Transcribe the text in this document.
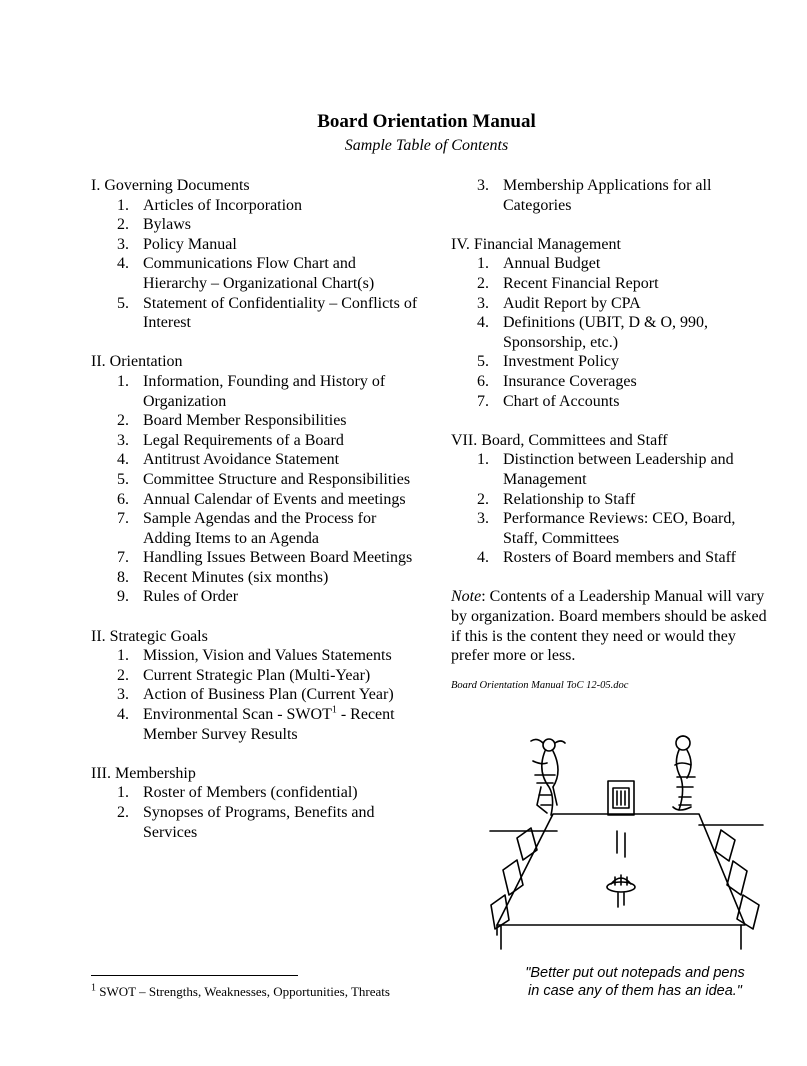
Board Orientation Manual
Sample Table of Contents
I. Governing Documents
1. Articles of Incorporation
2. Bylaws
3. Policy Manual
4. Communications Flow Chart and Hierarchy – Organizational Chart(s)
5. Statement of Confidentiality – Conflicts of Interest
II. Orientation
1. Information, Founding and History of Organization
2. Board Member Responsibilities
3. Legal Requirements of a Board
4. Antitrust Avoidance Statement
5. Committee Structure and Responsibilities
6. Annual Calendar of Events and meetings
7. Sample Agendas and the Process for Adding Items to an Agenda
7. Handling Issues Between Board Meetings
8. Recent Minutes (six months)
9. Rules of Order
II. Strategic Goals
1. Mission, Vision and Values Statements
2. Current Strategic Plan (Multi-Year)
3. Action of Business Plan (Current Year)
4. Environmental Scan - SWOT$^1$ - Recent Member Survey Results
III. Membership
1. Roster of Members (confidential)
2. Synopses of Programs, Benefits and Services
3. Membership Applications for all Categories
IV. Financial Management
1. Annual Budget
2. Recent Financial Report
3. Audit Report by CPA
4. Definitions (UBIT, D & O, 990, Sponsorship, etc.)
5. Investment Policy
6. Insurance Coverages
7. Chart of Accounts
VII. Board, Committees and Staff
1. Distinction between Leadership and Management
2. Relationship to Staff
3. Performance Reviews: CEO, Board, Staff, Committees
4. Rosters of Board members and Staff
Note: Contents of a Leadership Manual will vary by organization. Board members should be asked if this is the content they need or would they prefer more or less.
Board Orientation Manual ToC 12-05.doc
"Better put out notepads and pens
in case any of them has an idea."
$^1$ SWOT – Strengths, Weaknesses, Opportunities, Threats
